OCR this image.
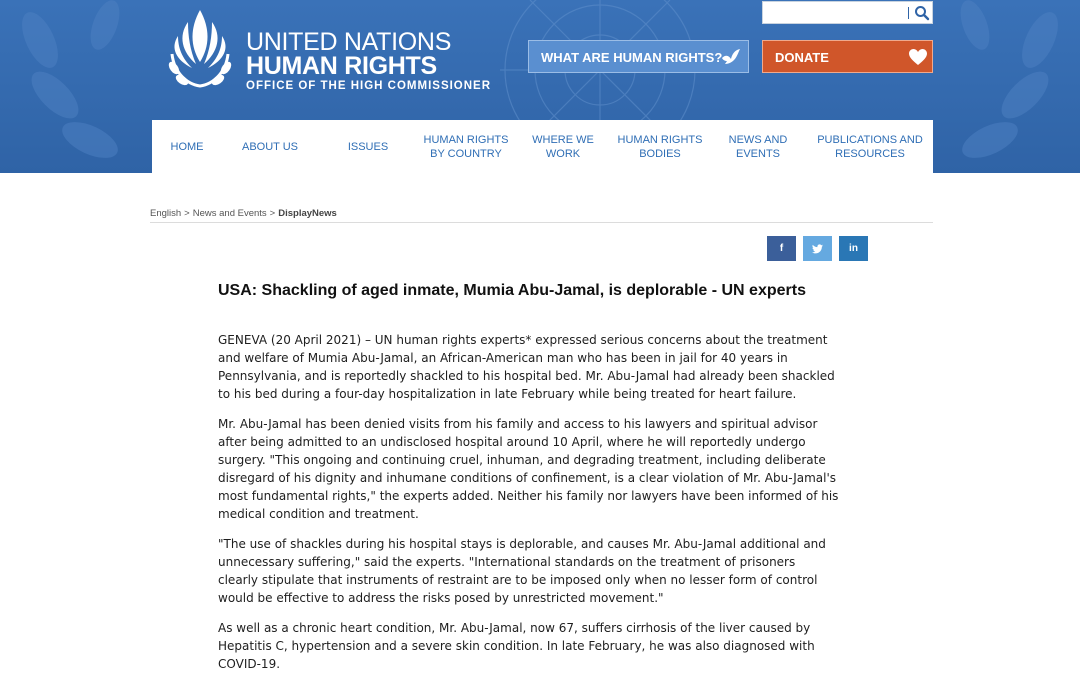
UNITED NATIONS
HUMAN RIGHTS
OFFICE OF THE HIGH COMMISSIONER
WHAT ARE HUMAN RIGHTS?	DONATE
HOME	ABOUT US	ISSUES
HUMAN RIGHTS
BY COUNTRY
WHERE WE
WORK
HUMAN RIGHTS
BODIES
NEWS AND
EVENTS
PUBLICATIONS AND
RESOURCES
English > News and Events > DisplayNews
f	in
USA: Shackling of aged inmate, Mumia Abu-Jamal, is deplorable - UN experts

GENEVA (20 April 2021) – UN human rights experts* expressed serious concerns about the treatment
and welfare of Mumia Abu-Jamal, an African-American man who has been in jail for 40 years in
Pennsylvania, and is reportedly shackled to his hospital bed. Mr. Abu-Jamal had already been shackled
to his bed during a four-day hospitalization in late February while being treated for heart failure.

Mr. Abu-Jamal has been denied visits from his family and access to his lawyers and spiritual advisor
after being admitted to an undisclosed hospital around 10 April, where he will reportedly undergo
surgery. "This ongoing and continuing cruel, inhuman, and degrading treatment, including deliberate
disregard of his dignity and inhumane conditions of confinement, is a clear violation of Mr. Abu-Jamal's
most fundamental rights," the experts added. Neither his family nor lawyers have been informed of his
medical condition and treatment.

"The use of shackles during his hospital stays is deplorable, and causes Mr. Abu-Jamal additional and
unnecessary suffering," said the experts. "International standards on the treatment of prisoners
clearly stipulate that instruments of restraint are to be imposed only when no lesser form of control
would be effective to address the risks posed by unrestricted movement."

As well as a chronic heart condition, Mr. Abu-Jamal, now 67, suffers cirrhosis of the liver caused by
Hepatitis C, hypertension and a severe skin condition. In late February, he was also diagnosed with
COVID-19.
